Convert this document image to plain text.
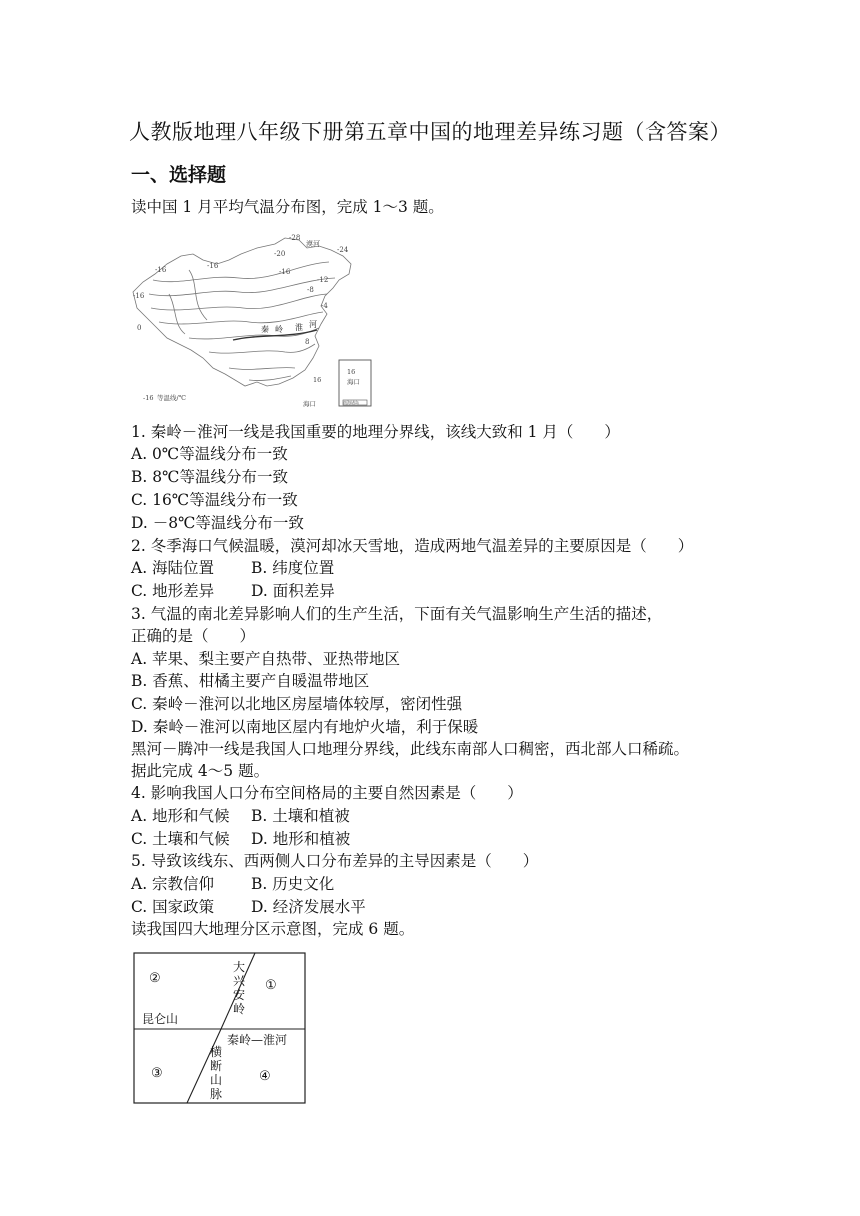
人教版地理八年级下册第五章中国的地理差异练习题（含答案）
一、选择题
读中国 1 月平均气温分布图，完成 1～3 题。
-28
漠河
-24
-20
-16
-16
-16
-16
-8
-12
-4
0
8
秦 岭 淮 河
16
-16 等温线/℃
16
海口
海口	南海诸岛
1. 秦岭－淮河一线是我国重要的地理分界线，该线大致和 1 月（　　）
A. 0℃等温线分布一致
B. 8℃等温线分布一致
C. 16℃等温线分布一致
D. －8℃等温线分布一致
2. 冬季海口气候温暖，漠河却冰天雪地，造成两地气温差异的主要原因是（　　）
A. 海陆位置 B. 纬度位置
C. 地形差异 D. 面积差异
3. 气温的南北差异影响人们的生产生活，下面有关气温影响生产生活的描述，
正确的是（　　）
A. 苹果、梨主要产自热带、亚热带地区
B. 香蕉、柑橘主要产自暖温带地区
C. 秦岭－淮河以北地区房屋墙体较厚，密闭性强
D. 秦岭－淮河以南地区屋内有地炉火墙，利于保暖
黑河－腾冲一线是我国人口地理分界线，此线东南部人口稠密，西北部人口稀疏。
据此完成 4～5 题。
4. 影响我国人口分布空间格局的主要自然因素是（　　）
A. 地形和气候 B. 土壤和植被
C. 土壤和气候 D. 地形和植被
5. 导致该线东、西两侧人口分布差异的主导因素是（　　）
A. 宗教信仰 B. 历史文化
C. 国家政策 D. 经济发展水平
读我国四大地理分区示意图，完成 6 题。
②	①
③	④
大
兴
安
岭
昆仑山
秦岭—淮河
横
断
山
脉
